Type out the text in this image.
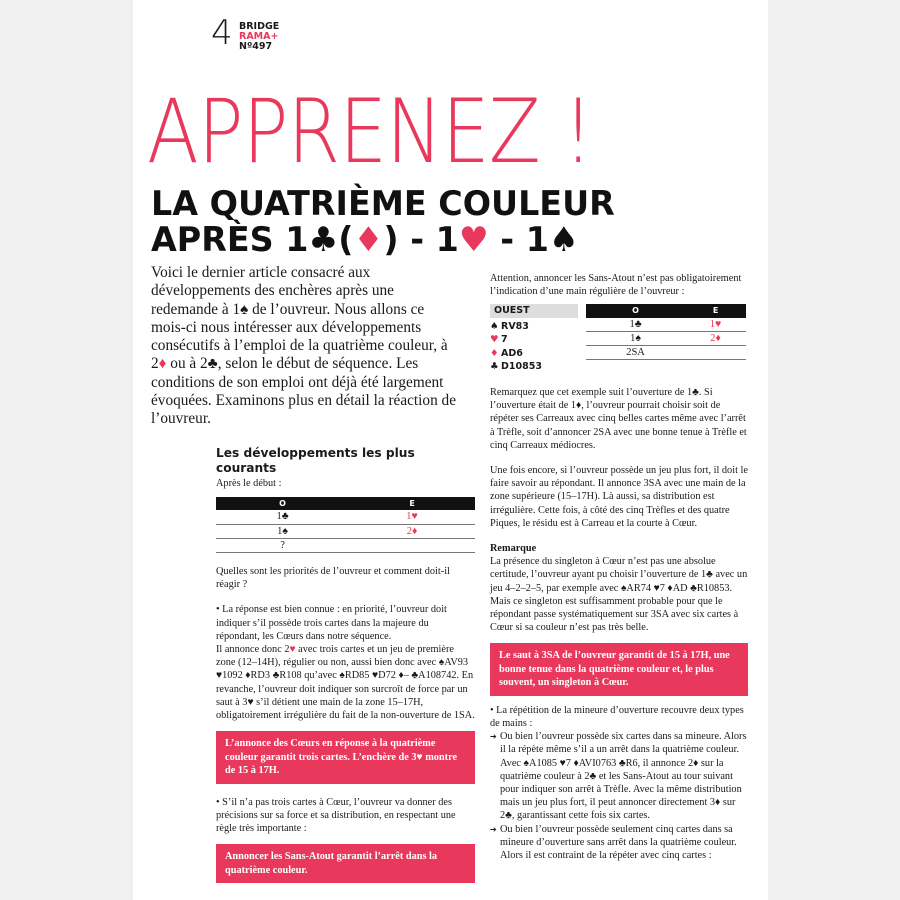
4 BRIDGE
RAMA+
Nº497
APPRENEZ !
LA QUATRIÈME COULEUR
APRÈS 1♣(♦) - 1♥ - 1♠
Voici le dernier article consacré aux développements des enchères après une redemande à 1♠ de l’ouvreur. Nous allons ce mois-ci nous intéresser aux développements consécutifs à l’emploi de la quatrième couleur, à 2♦ ou à 2♣, selon le début de séquence. Les conditions de son emploi ont déjà été largement évoquées. Examinons plus en détail la réaction de l’ouvreur.
Les développements les plus courants
Après le début :
O	E
1♣	1♥
1♠	2♦
?	
Quelles sont les priorités de l’ouvreur et comment doit-il réagir ?
• La réponse est bien connue : en priorité, l’ouvreur doit indiquer s’il possède trois cartes dans la majeure du répondant, les Cœurs dans notre séquence.
Il annonce donc 2♥ avec trois cartes et un jeu de première zone (12–14H), régulier ou non, aussi bien donc avec ♠AV93 ♥1092 ♦RD3 ♣R108 qu’avec ♠RD85 ♥D72 ♦– ♣A108742. En revanche, l’ouvreur doit indiquer son surcroît de force par un saut à 3♥ s’il détient une main de la zone 15–17H, obligatoirement irrégulière du fait de la non-ouverture de 1SA.
L’annonce des Cœurs en réponse à la quatrième couleur garantit trois cartes. L’enchère de 3♥ montre de 15 à 17H.
• S’il n’a pas trois cartes à Cœur, l’ouvreur va donner des précisions sur sa force et sa distribution, en respectant une règle très importante :
Annoncer les Sans-Atout garantit l’arrêt dans la quatrième couleur.
Attention, annoncer les Sans-Atout n’est pas obligatoirement l’indication d’une main régulière de l’ouvreur :
OUEST
♠ RV83
♥ 7
♦ AD6
♣ D10853
O	E
1♣	1♥
1♠	2♦
2SA	
Remarquez que cet exemple suit l’ouverture de 1♣. Si l’ouverture était de 1♦, l’ouvreur pourrait choisir soit de répéter ses Carreaux avec cinq belles cartes même avec l’arrêt à Trèfle, soit d’annoncer 2SA avec une bonne tenue à Trèfle et cinq Carreaux médiocres.
Une fois encore, si l’ouvreur possède un jeu plus fort, il doit le faire savoir au répondant. Il annonce 3SA avec une main de la zone supérieure (15–17H). Là aussi, sa distribution est irrégulière. Cette fois, à côté des cinq Trèfles et des quatre Piques, le résidu est à Carreau et la courte à Cœur.
Remarque
La présence du singleton à Cœur n’est pas une absolue certitude, l’ouvreur ayant pu choisir l’ouverture de 1♣ avec un jeu 4–2–2–5, par exemple avec ♠AR74 ♥7 ♦AD ♣R10853. Mais ce singleton est suffisamment probable pour que le répondant passe systématiquement sur 3SA avec six cartes à Cœur si sa couleur n’est pas très belle.
Le saut à 3SA de l’ouvreur garantit de 15 à 17H, une bonne tenue dans la quatrième couleur et, le plus souvent, un singleton à Cœur.
• La répétition de la mineure d’ouverture recouvre deux types de mains :
➔ Ou bien l’ouvreur possède six cartes dans sa mineure. Alors il la répète même s’il a un arrêt dans la quatrième couleur. Avec ♠A1085 ♥7 ♦AVI0763 ♣R6, il annonce 2♦ sur la quatrième couleur à 2♣ et les Sans-Atout au tour suivant pour indiquer son arrêt à Trèfle. Avec la même distribution mais un jeu plus fort, il peut annoncer directement 3♦ sur 2♣, garantissant cette fois six cartes.
➔ Ou bien l’ouvreur possède seulement cinq cartes dans sa mineure d’ouverture sans arrêt dans la quatrième couleur. Alors il est contraint de la répéter avec cinq cartes :
